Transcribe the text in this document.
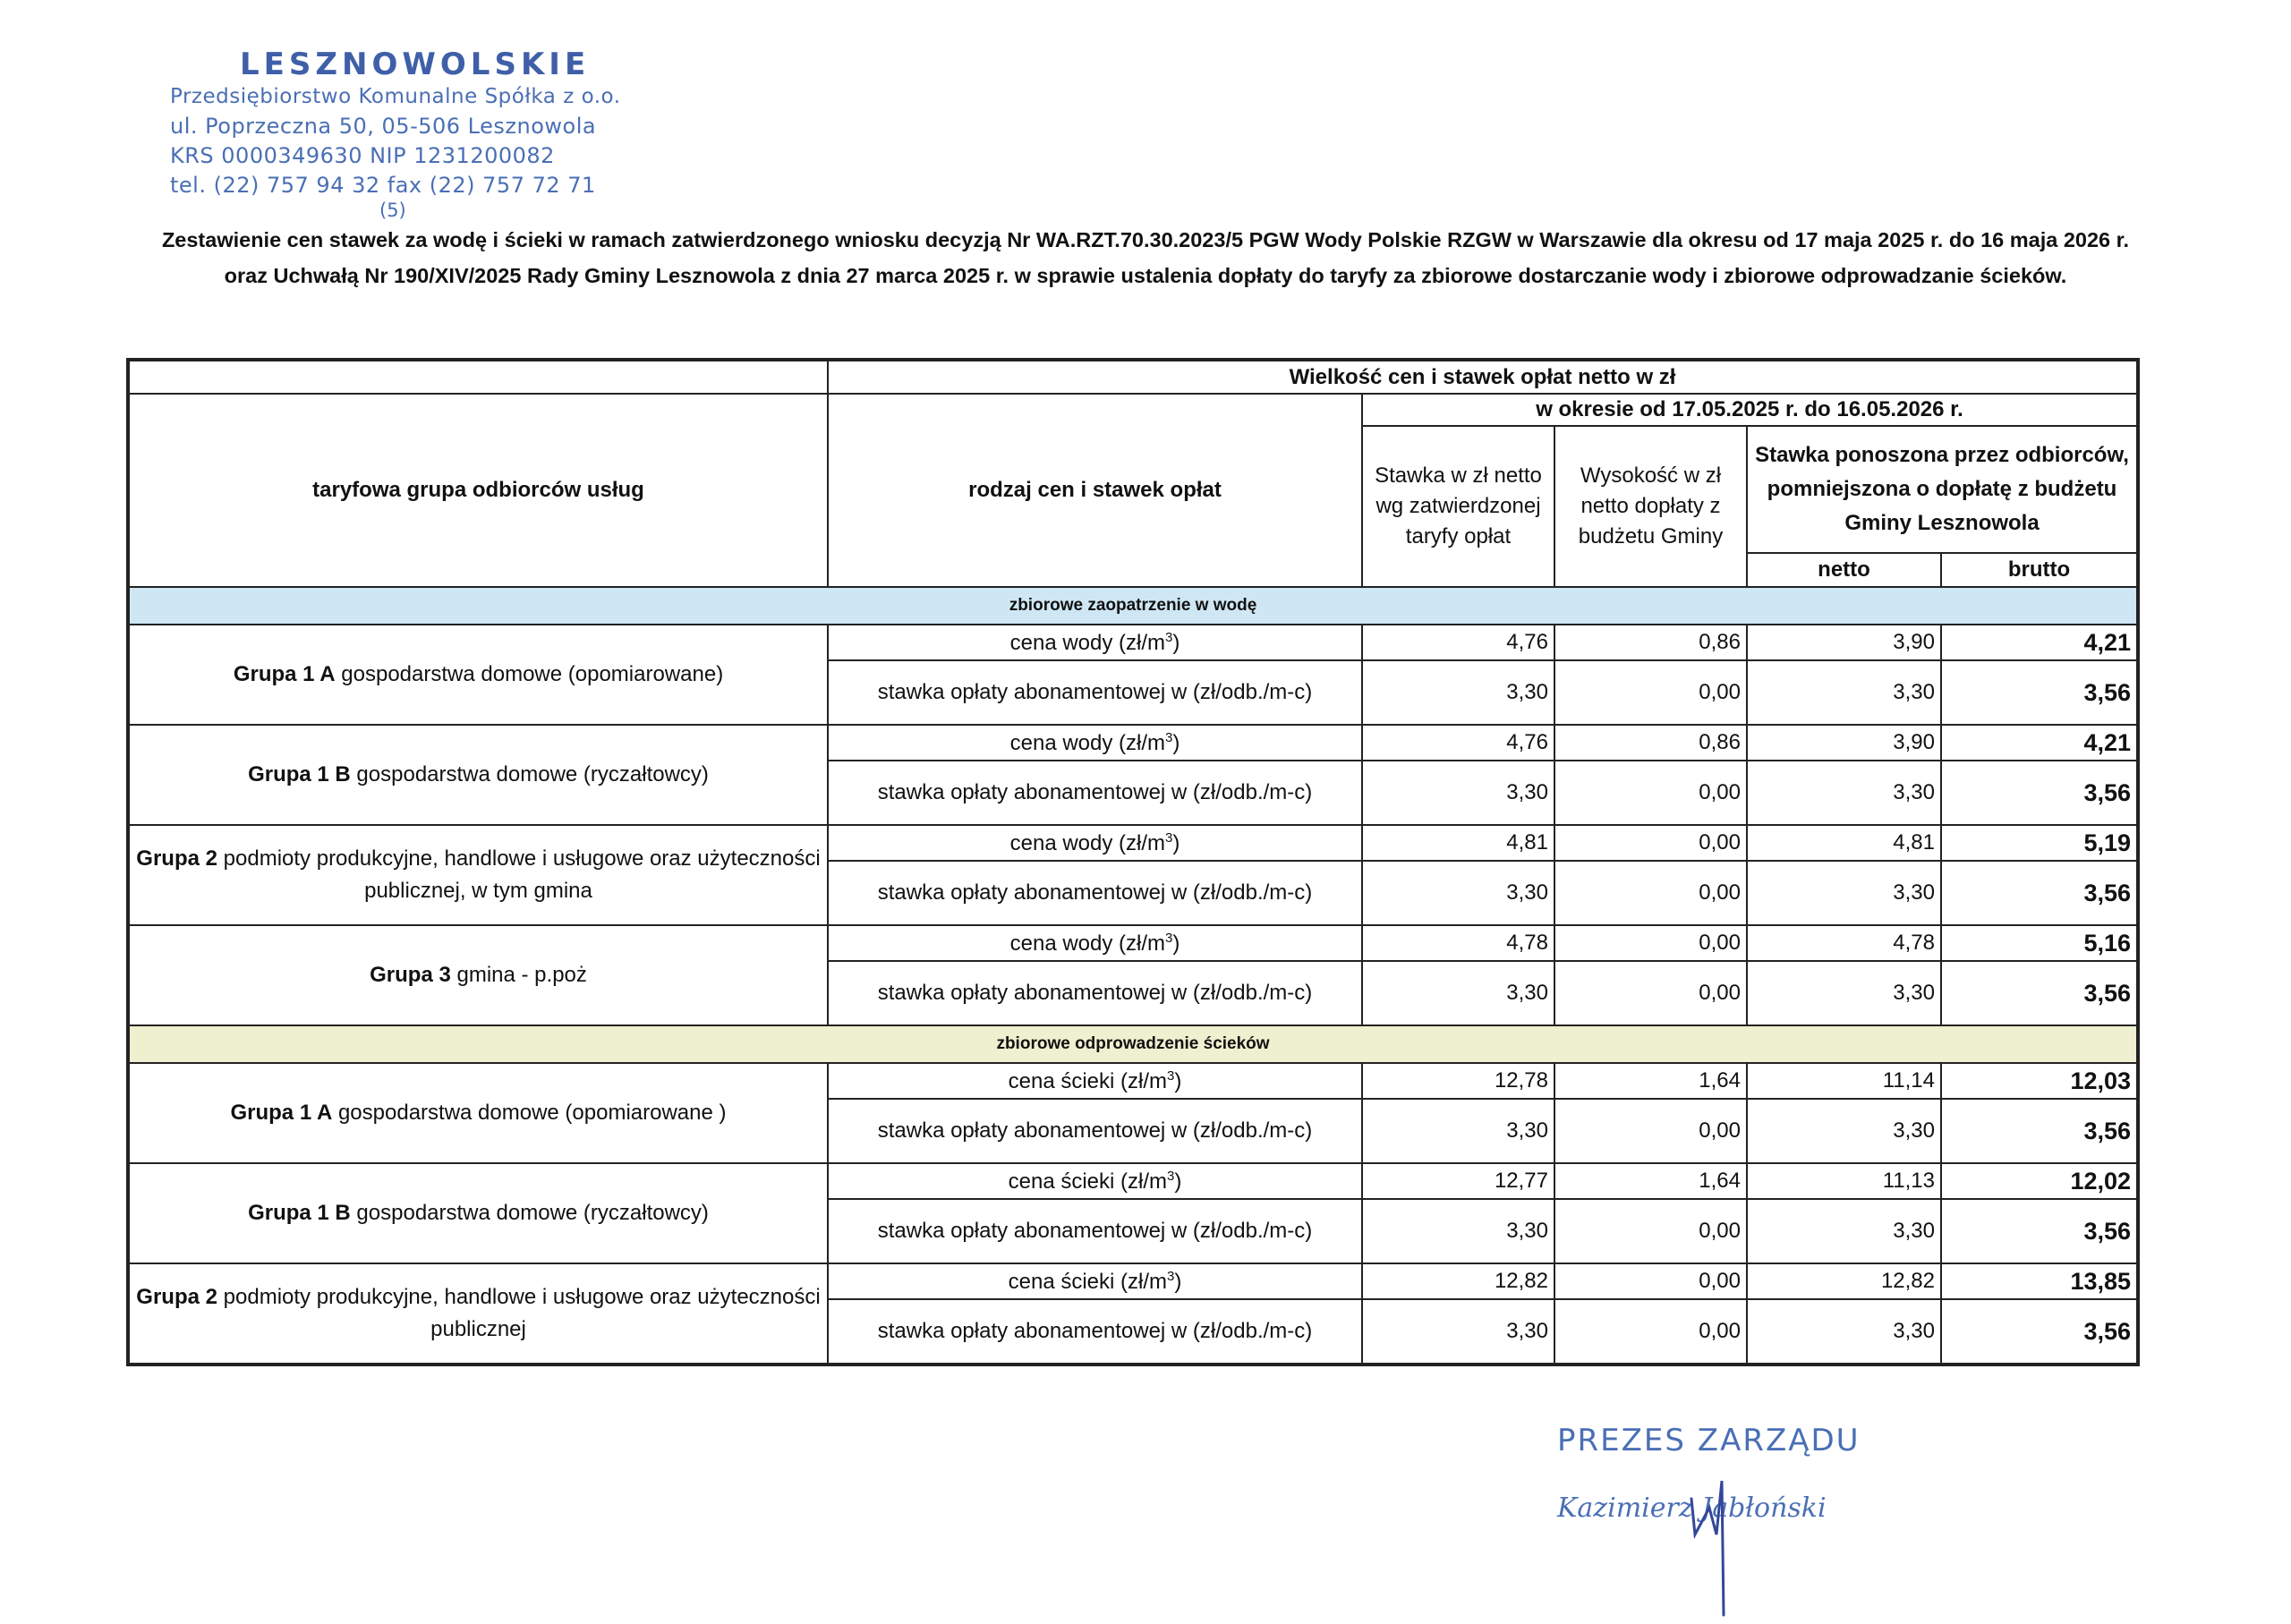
LESZNOWOLSKIE
Przedsiębiorstwo Komunalne Spółka z o.o.
ul. Poprzeczna 50, 05-506 Lesznowola
KRS 0000349630 NIP 1231200082
tel. (22) 757 94 32 fax (22) 757 72 71
(5)
Zestawienie cen stawek za wodę i ścieki w ramach zatwierdzonego wniosku decyzją Nr WA.RZT.70.30.2023/5 PGW Wody Polskie RZGW w Warszawie dla okresu od 17 maja 2025 r. do 16 maja 2026 r.
oraz Uchwałą Nr 190/XIV/2025 Rady Gminy Lesznowola z dnia 27 marca 2025 r. w sprawie ustalenia dopłaty do taryfy za zbiorowe dostarczanie wody i zbiorowe odprowadzanie ścieków.
	Wielkość cen i stawek opłat netto w zł				
taryfowa grupa odbiorców usług	rodzaj cen i stawek opłat	w okresie od 17.05.2025 r. do 16.05.2026 r.			
		Stawka w zł netto wg zatwierdzonej taryfy opłat	Wysokość w zł netto dopłaty z budżetu Gminy	Stawka ponoszona przez odbiorców, pomniejszona o dopłatę z budżetu Gminy Lesznowola	
				netto	brutto
zbiorowe zaopatrzenie w wodę					
Grupa 1 A gospodarstwa domowe (opomiarowane)	cena wody $(zł/m^3)$	4,76	0,86	3,90	4,21
	stawka opłaty abonamentowej w (zł/odb./m-c)	3,30	0,00	3,30	3,56
Grupa 1 B gospodarstwa domowe (ryczałtowcy)	cena wody $(zł/m^3)$	4,76	0,86	3,90	4,21
	stawka opłaty abonamentowej w (zł/odb./m-c)	3,30	0,00	3,30	3,56
Grupa 2 podmioty produkcyjne, handlowe i usługowe oraz użyteczności publicznej, w tym gmina	cena wody $(zł/m^3)$	4,81	0,00	4,81	5,19
	stawka opłaty abonamentowej w (zł/odb./m-c)	3,30	0,00	3,30	3,56
Grupa 3 gmina - p.poż	cena wody $(zł/m^3)$	4,78	0,00	4,78	5,16
	stawka opłaty abonamentowej w (zł/odb./m-c)	3,30	0,00	3,30	3,56
zbiorowe odprowadzenie ścieków					
Grupa 1 A gospodarstwa domowe (opomiarowane )	cena ścieki $(zł/m^3)$	12,78	1,64	11,14	12,03
	stawka opłaty abonamentowej w (zł/odb./m-c)	3,30	0,00	3,30	3,56
Grupa 1 B gospodarstwa domowe (ryczałtowcy)	cena ścieki $(zł/m^3)$	12,77	1,64	11,13	12,02
	stawka opłaty abonamentowej w (zł/odb./m-c)	3,30	0,00	3,30	3,56
Grupa 2 podmioty produkcyjne, handlowe i usługowe oraz użyteczności publicznej	cena ścieki $(zł/m^3)$	12,82	0,00	12,82	13,85
	stawka opłaty abonamentowej w (zł/odb./m-c)	3,30	0,00	3,30	3,56
PREZES ZARZĄDU
Kazimierz Jabłoński
